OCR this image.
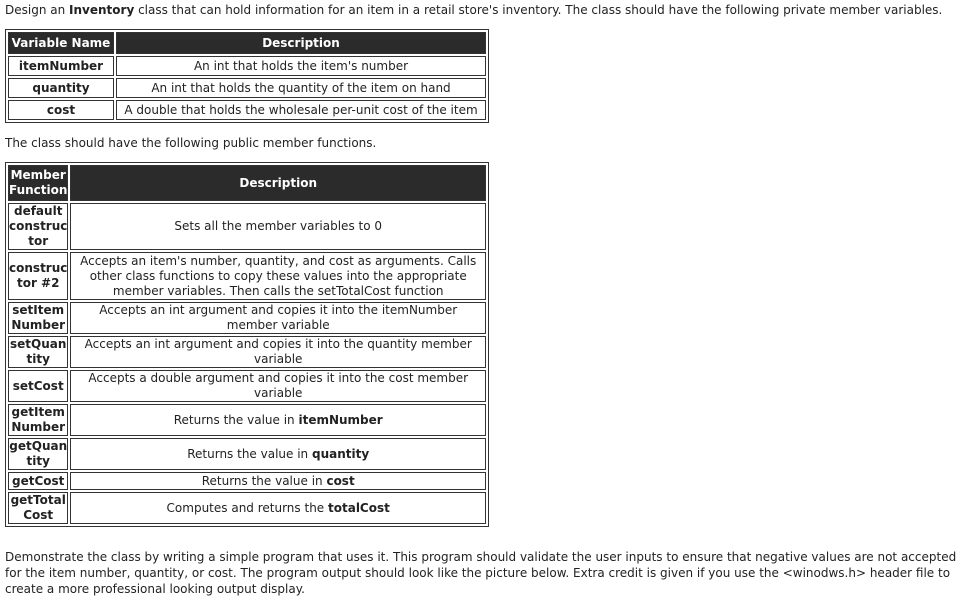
Design an Inventory class that can hold information for an item in a retail store's inventory. The class should have the following private member variables.

Variable Name	Description
itemNumber	An int that holds the item's number
quantity	An int that holds the quantity of the item on hand
cost	A double that holds the wholesale per-unit cost of the item

The class should have the following public member functions.

Member Function	Description
default constructor	Sets all the member variables to 0
constructor #2	Accepts an item's number, quantity, and cost as arguments. Calls other class functions to copy these values into the appropriate member variables. Then calls the setTotalCost function
setItemNumber	Accepts an int argument and copies it into the itemNumber member variable
setQuantity	Accepts an int argument and copies it into the quantity member variable
setCost	Accepts a double argument and copies it into the cost member variable
getItemNumber	Returns the value in itemNumber
getQuantity	Returns the value in quantity
getCost	Returns the value in cost
getTotalCost	Computes and returns the totalCost

Demonstrate the class by writing a simple program that uses it. This program should validate the user inputs to ensure that negative values are not accepted for the item number, quantity, or cost. The program output should look like the picture below. Extra credit is given if you use the <winodws.h> header file to create a more professional looking output display.
